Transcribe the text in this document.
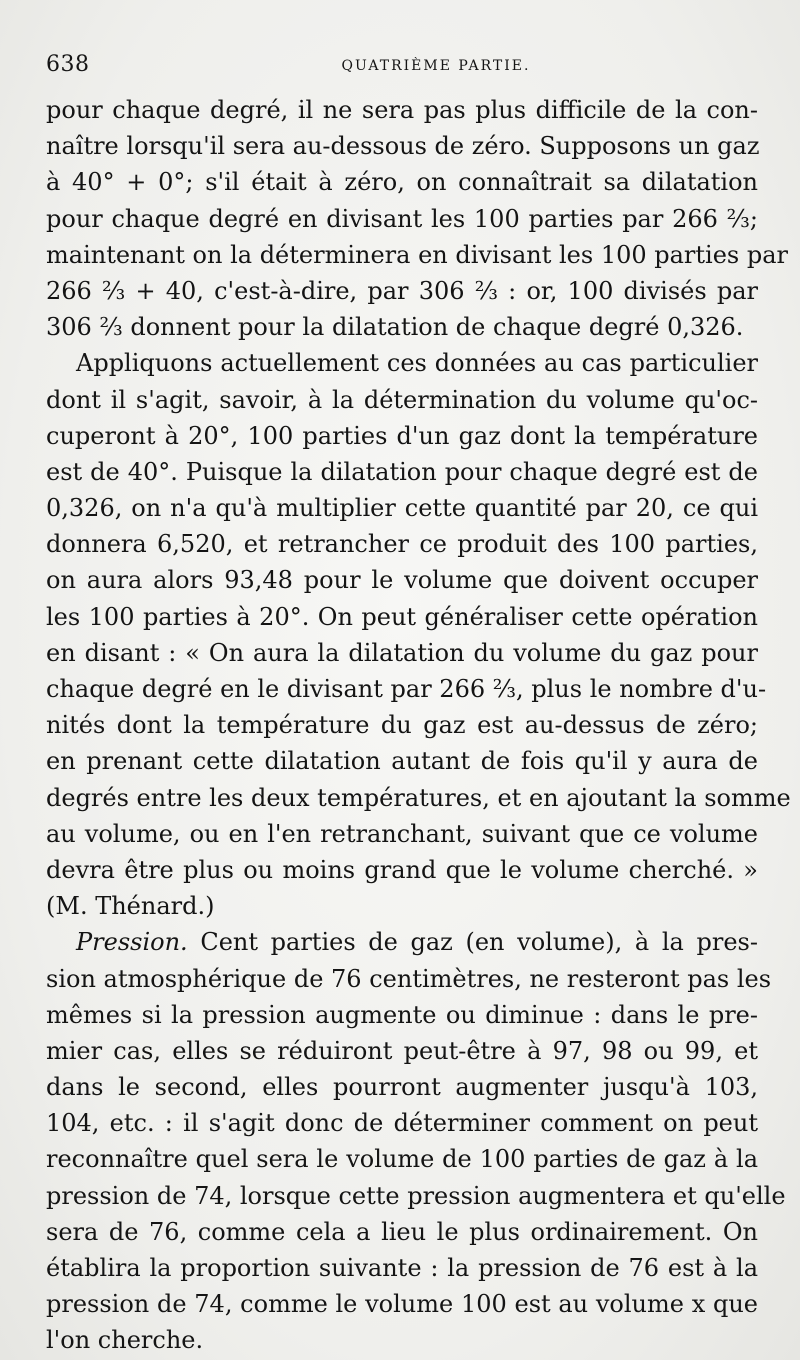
638	QUATRIÈME PARTIE.
pour chaque degré, il ne sera pas plus difficile de la con-
naître lorsqu'il sera au-dessous de zéro. Supposons un gaz
à 40° + 0°; s'il était à zéro, on connaîtrait sa dilatation
pour chaque degré en divisant les 100 parties par 266 ⅔;
maintenant on la déterminera en divisant les 100 parties par
266 ⅔ + 40, c'est-à-dire, par 306 ⅔ : or, 100 divisés par
306 ⅔ donnent pour la dilatation de chaque degré 0,326.
Appliquons actuellement ces données au cas particulier
dont il s'agit, savoir, à la détermination du volume qu'oc-
cuperont à 20°, 100 parties d'un gaz dont la température
est de 40°. Puisque la dilatation pour chaque degré est de
0,326, on n'a qu'à multiplier cette quantité par 20, ce qui
donnera 6,520, et retrancher ce produit des 100 parties,
on aura alors 93,48 pour le volume que doivent occuper
les 100 parties à 20°. On peut généraliser cette opération
en disant : « On aura la dilatation du volume du gaz pour
chaque degré en le divisant par 266 ⅔, plus le nombre d'u-
nités dont la température du gaz est au-dessus de zéro;
en prenant cette dilatation autant de fois qu'il y aura de
degrés entre les deux températures, et en ajoutant la somme
au volume, ou en l'en retranchant, suivant que ce volume
devra être plus ou moins grand que le volume cherché. »
(M. Thénard.)
Pression. Cent parties de gaz (en volume), à la pres-
sion atmosphérique de 76 centimètres, ne resteront pas les
mêmes si la pression augmente ou diminue : dans le pre-
mier cas, elles se réduiront peut-être à 97, 98 ou 99, et
dans le second, elles pourront augmenter jusqu'à 103,
104, etc. : il s'agit donc de déterminer comment on peut
reconnaître quel sera le volume de 100 parties de gaz à la
pression de 74, lorsque cette pression augmentera et qu'elle
sera de 76, comme cela a lieu le plus ordinairement. On
établira la proportion suivante : la pression de 76 est à la
pression de 74, comme le volume 100 est au volume x que
l'on cherche.
